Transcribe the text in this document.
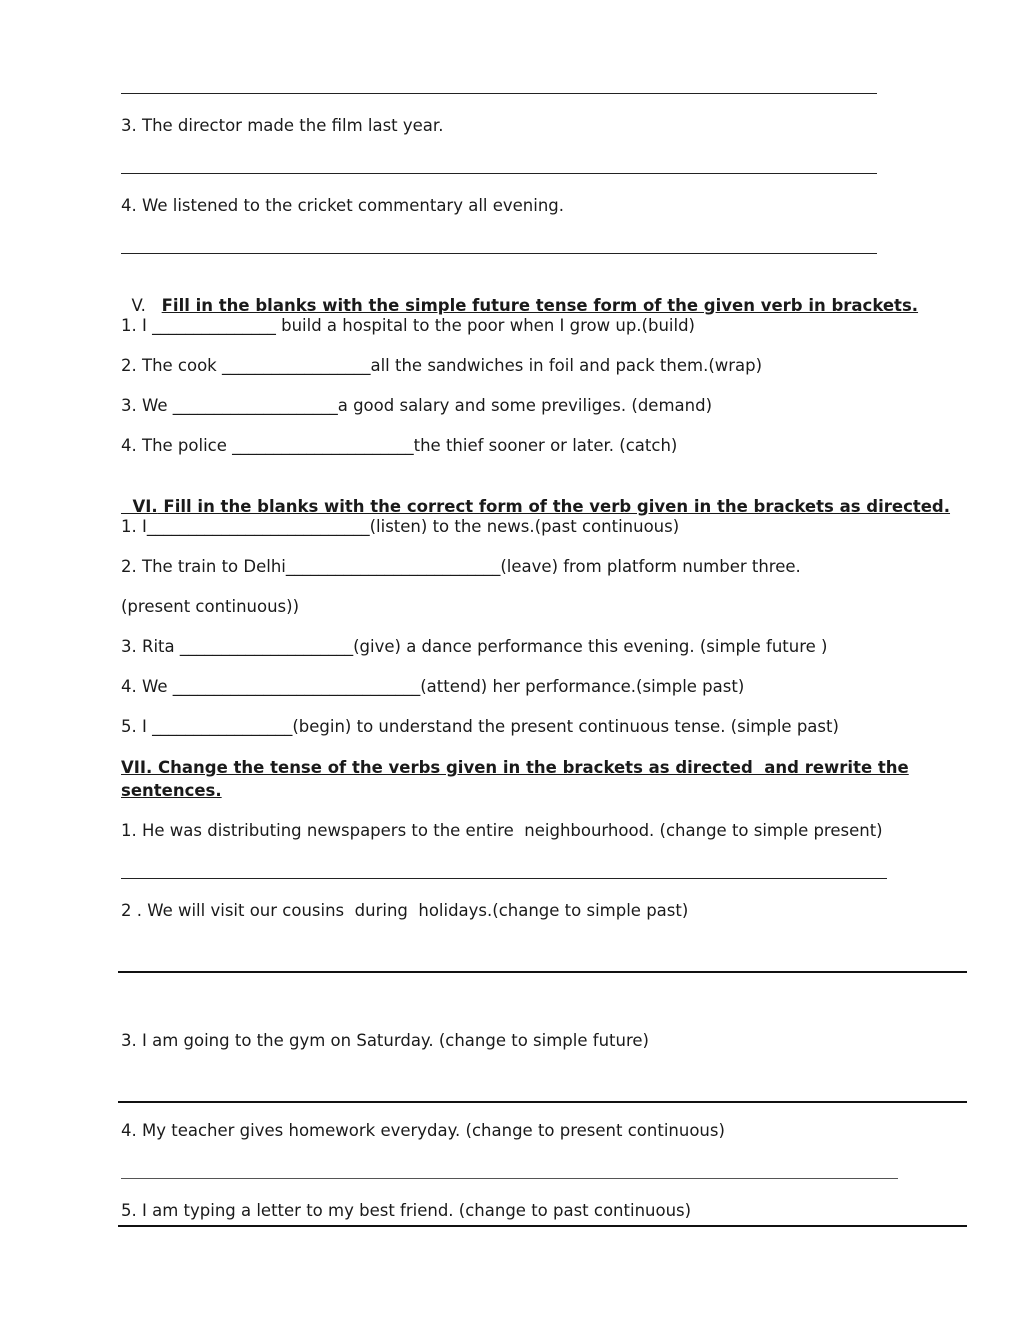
3. The director made the film last year.
4. We listened to the cricket commentary all evening.

V. Fill in the blanks with the simple future tense form of the given verb in brackets.

1. I _______________ build a hospital to the poor when I grow up.(build)
2. The cook __________________all the sandwiches in foil and pack them.(wrap)
3. We ____________________a good salary and some previliges. (demand)
4. The police ______________________the thief sooner or later. (catch)

VI. Fill in the blanks with the correct form of the verb given in the brackets as directed.

1. I___________________________(listen) to the news.(past continuous)
2. The train to Delhi__________________________(leave) from platform number three.
(present continuous))
3. Rita _____________________(give) a dance performance this evening. (simple future )
4. We ______________________________(attend) her performance.(simple past)
5. I _________________(begin) to understand the present continuous tense. (simple past)
VII. Change the tense of the verbs given in the brackets as directed  and rewrite the
sentences.
1. He was distributing newspapers to the entire  neighbourhood. (change to simple present)
2 . We will visit our cousins  during  holidays.(change to simple past)
3. I am going to the gym on Saturday. (change to simple future)
4. My teacher gives homework everyday. (change to present continuous)
5. I am typing a letter to my best friend. (change to past continuous)
